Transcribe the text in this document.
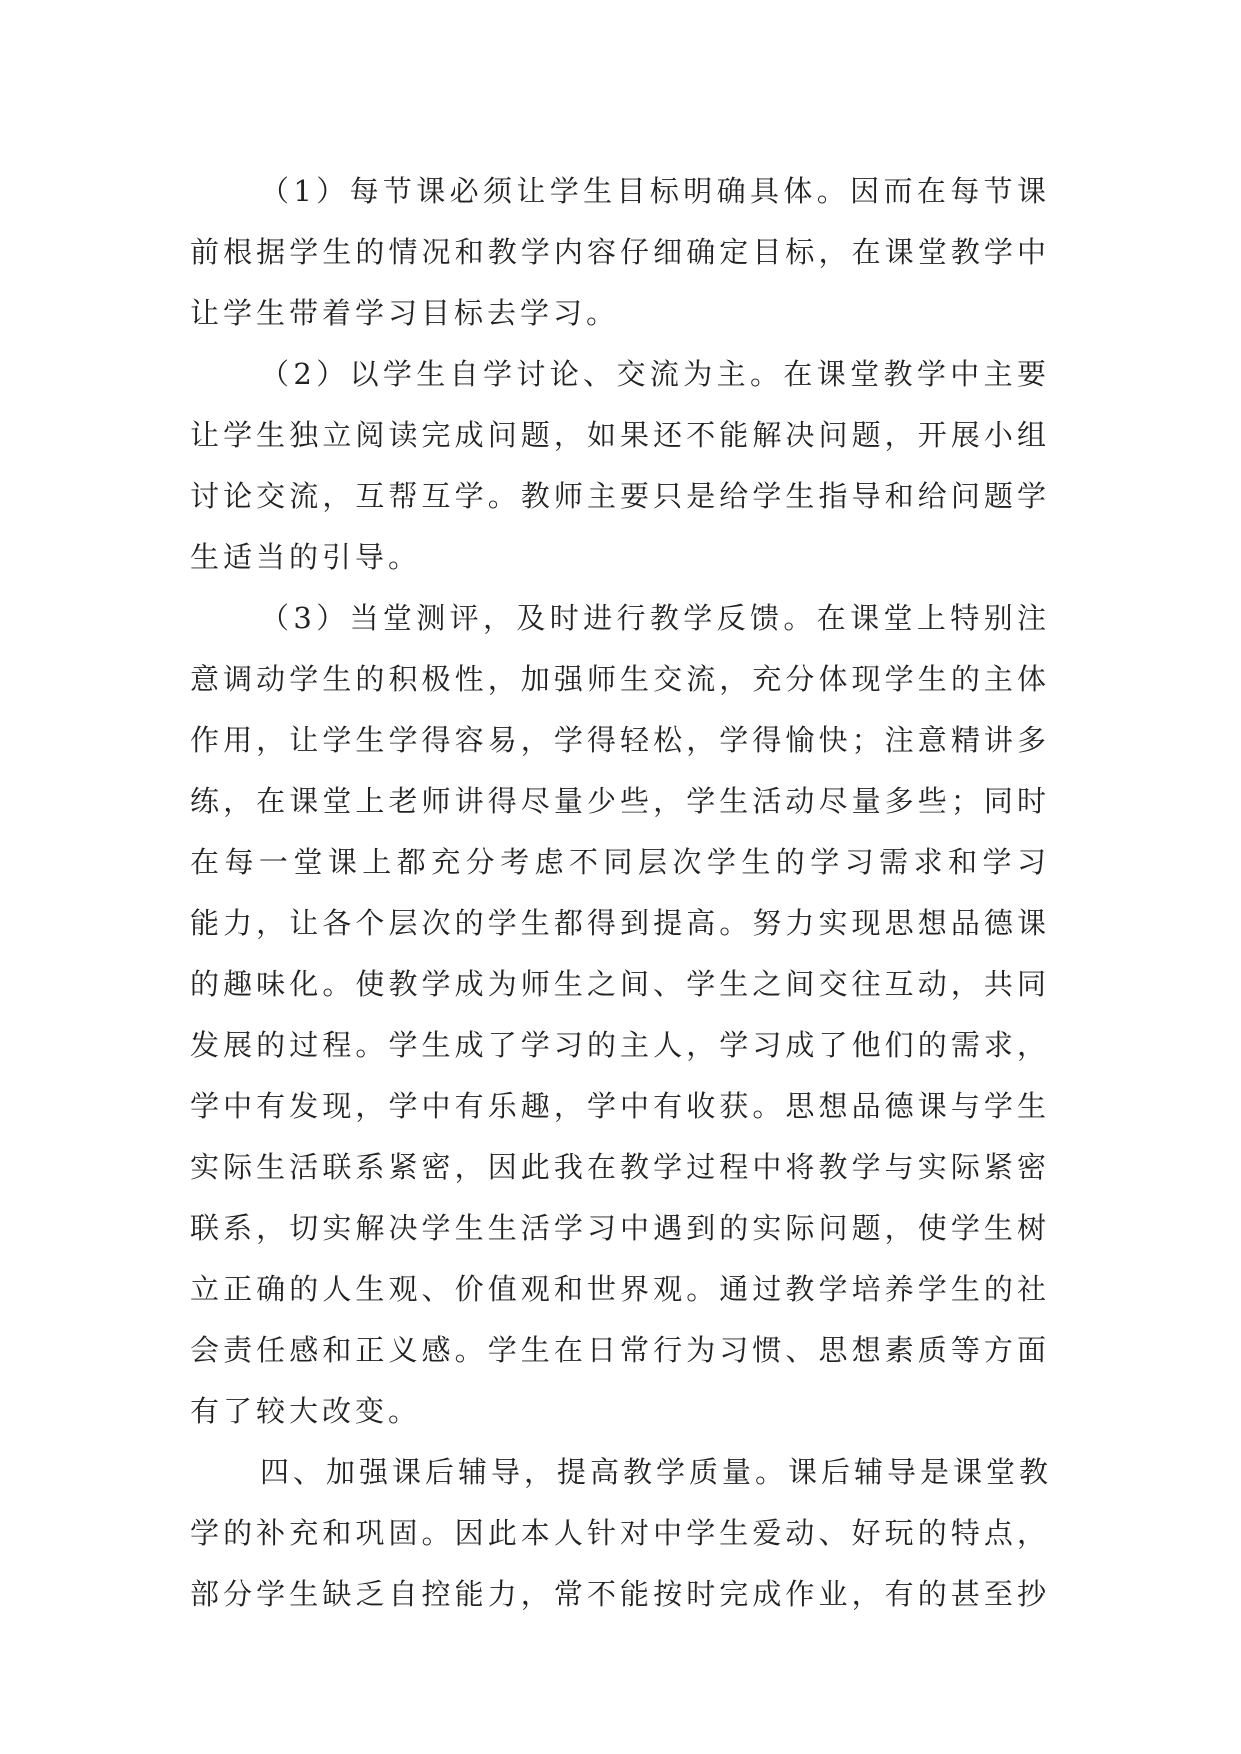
（1）每节课必须让学生目标明确具体。因而在每节课
前根据学生的情况和教学内容仔细确定目标，在课堂教学中
让学生带着学习目标去学习。
（2）以学生自学讨论、交流为主。在课堂教学中主要
让学生独立阅读完成问题，如果还不能解决问题，开展小组
讨论交流，互帮互学。教师主要只是给学生指导和给问题学
生适当的引导。
（3）当堂测评，及时进行教学反馈。在课堂上特别注
意调动学生的积极性，加强师生交流，充分体现学生的主体
作用，让学生学得容易，学得轻松，学得愉快；注意精讲多
练，在课堂上老师讲得尽量少些，学生活动尽量多些；同时
在每一堂课上都充分考虑不同层次学生的学习需求和学习
能力，让各个层次的学生都得到提高。努力实现思想品德课
的趣味化。使教学成为师生之间、学生之间交往互动，共同
发展的过程。学生成了学习的主人，学习成了他们的需求，
学中有发现，学中有乐趣，学中有收获。思想品德课与学生
实际生活联系紧密，因此我在教学过程中将教学与实际紧密
联系，切实解决学生生活学习中遇到的实际问题，使学生树
立正确的人生观、价值观和世界观。通过教学培养学生的社
会责任感和正义感。学生在日常行为习惯、思想素质等方面
有了较大改变。
四、加强课后辅导，提高教学质量。课后辅导是课堂教
学的补充和巩固。因此本人针对中学生爱动、好玩的特点，
部分学生缺乏自控能力，常不能按时完成作业，有的甚至抄
